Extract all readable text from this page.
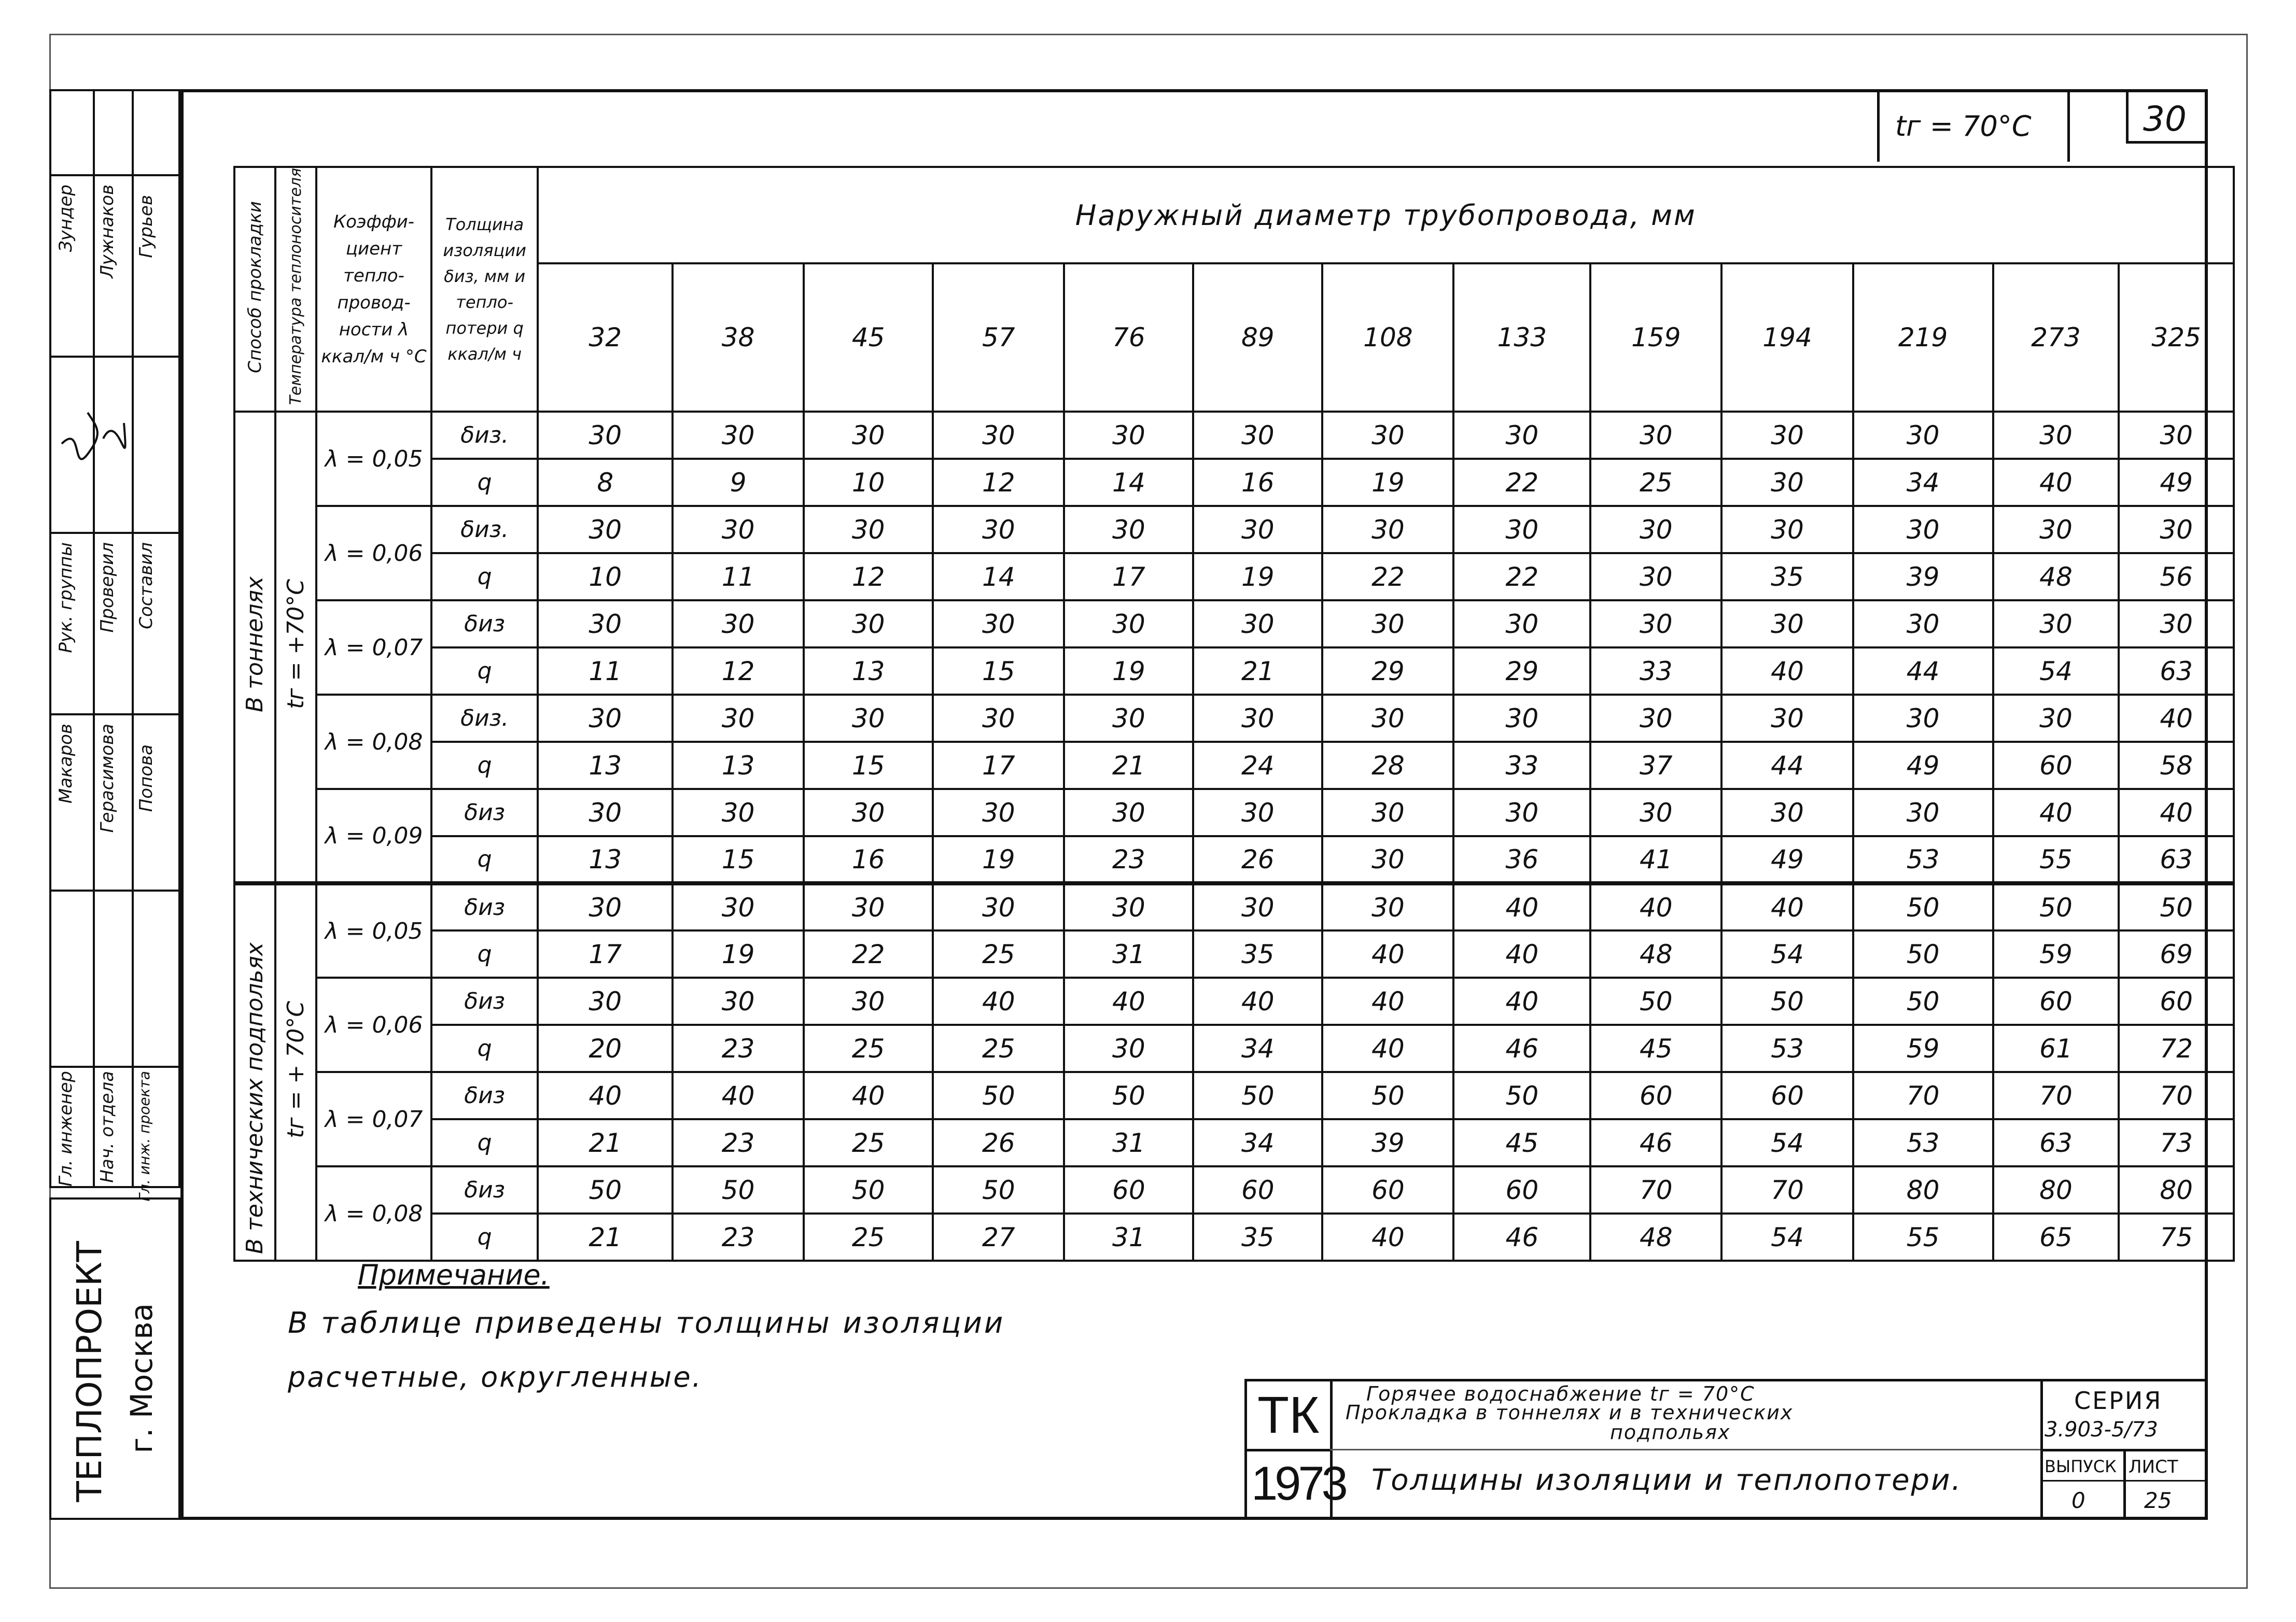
tг = 70°С	30
Макаров Герасимова Попова
Зундер Лужнаков Гурьев
Гл. инженер Нач. отдела Гл. инж. проекта
Рук. группы Проверил Составил
ТЕПЛОПРОЕКТ г. Москва
Способ прокладки	Температура теплоносителя	Коэффи-циент тепло-провод-ности λ ккал/м ч °С	Толщина изоляции δиз, мм и тепло-потери q ккал/м ч	Наружный диаметр трубопровода, мм												
				32	38	45	57	76	89	108	133	159	194	219	273	325
В тоннелях	tг = +70°С	λ = 0,05	δиз.	30	30	30	30	30	30	30	30	30	30	30	30	30
			q	8	9	10	12	14	16	19	22	25	30	34	40	49
		λ = 0,06	δиз.	30	30	30	30	30	30	30	30	30	30	30	30	30
			q	10	11	12	14	17	19	22	22	30	35	39	48	56
		λ = 0,07	δиз	30	30	30	30	30	30	30	30	30	30	30	30	30
			q	11	12	13	15	19	21	29	29	33	40	44	54	63
		λ = 0,08	δиз.	30	30	30	30	30	30	30	30	30	30	30	30	40
			q	13	13	15	17	21	24	28	33	37	44	49	60	58
		λ = 0,09	δиз	30	30	30	30	30	30	30	30	30	30	30	40	40
			q	13	15	16	19	23	26	30	36	41	49	53	55	63
В технических подпольях	tг = + 70°С	λ = 0,05	δиз	30	30	30	30	30	30	30	40	40	40	50	50	50
			q	17	19	22	25	31	35	40	40	48	54	50	59	69
		λ = 0,06	δиз	30	30	30	40	40	40	40	40	50	50	50	60	60
			q	20	23	25	25	30	34	40	46	45	53	59	61	72
		λ = 0,07	δиз	40	40	40	50	50	50	50	50	60	60	70	70	70
			q	21	23	25	26	31	34	39	45	46	54	53	63	73
		λ = 0,08	δиз	50	50	50	50	60	60	60	60	70	70	80	80	80
			q	21	23	25	27	31	35	40	46	48	54	55	65	75
Примечание.
В таблице приведены толщины изоляции
расчетные, округленные.
ТК
1973
Горячее водоснабжение tг = 70°С
Прокладка в тоннелях и в технических
подпольях
Толщины изоляции и теплопотери.
СЕРИЯ
3.903-5/73
ВЫПУСК ЛИСТ
0	25
